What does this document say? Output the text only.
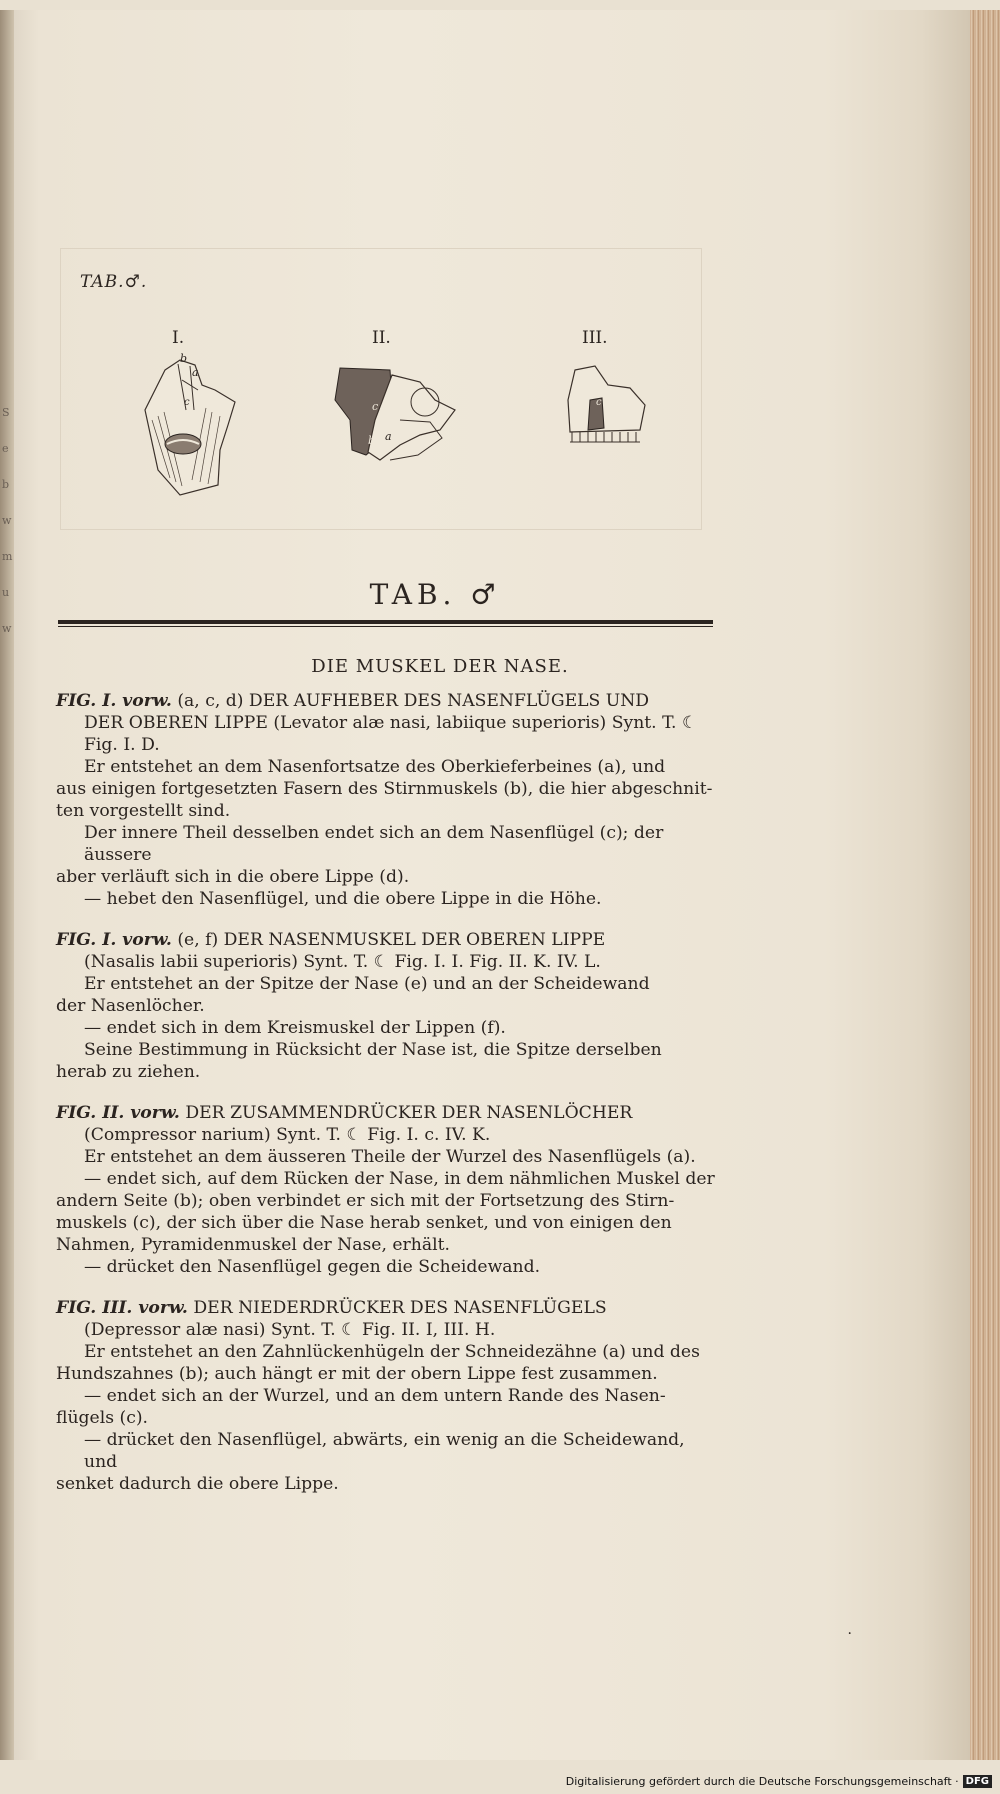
S
e
b
w
m
u
w
TAB.♂.
I.
b
a
c
II.
c
b a
III.
c
TAB. ♂
DIE MUSKEL DER NASE.

FIG. I. vorw. (a, c, d) DER AUFHEBER DES NASENFLÜGELS UND

DER OBEREN LIPPE (Levator alæ nasi, labiique superioris) Synt. T. ☾

Fig. I. D.

Er entstehet an dem Nasenfortsatze des Oberkieferbeines (a), und

aus einigen fortgesetzten Fasern des Stirnmuskels (b), die hier abgeschnit-

ten vorgestellt sind.

Der innere Theil desselben endet sich an dem Nasenflügel (c); der äussere

aber verläuft sich in die obere Lippe (d).

— hebet den Nasenflügel, und die obere Lippe in die Höhe.

FIG. I. vorw. (e, f) DER NASENMUSKEL DER OBEREN LIPPE

(Nasalis labii superioris) Synt. T. ☾ Fig. I. I. Fig. II. K. IV. L.

Er entstehet an der Spitze der Nase (e) und an der Scheidewand

der Nasenlöcher.

— endet sich in dem Kreismuskel der Lippen (f).

Seine Bestimmung in Rücksicht der Nase ist, die Spitze derselben

herab zu ziehen.

FIG. II. vorw. DER ZUSAMMENDRÜCKER DER NASENLÖCHER

(Compressor narium) Synt. T. ☾ Fig. I. c. IV. K.

Er entstehet an dem äusseren Theile der Wurzel des Nasenflügels (a).

— endet sich, auf dem Rücken der Nase, in dem nähmlichen Muskel der

andern Seite (b); oben verbindet er sich mit der Fortsetzung des Stirn-

muskels (c), der sich über die Nase herab senket, und von einigen den

Nahmen, Pyramidenmuskel der Nase, erhält.

— drücket den Nasenflügel gegen die Scheidewand.

FIG. III. vorw. DER NIEDERDRÜCKER DES NASENFLÜGELS

(Depressor alæ nasi) Synt. T. ☾ Fig. II. I, III. H.

Er entstehet an den Zahnlückenhügeln der Schneidezähne (a) und des

Hundszahnes (b); auch hängt er mit der obern Lippe fest zusammen.

— endet sich an der Wurzel, und an dem untern Rande des Nasen-

flügels (c).

— drücket den Nasenflügel, abwärts, ein wenig an die Scheidewand, und

senket dadurch die obere Lippe.

·
Digitalisierung gefördert durch die Deutsche Forschungsgemeinschaft · DFG
